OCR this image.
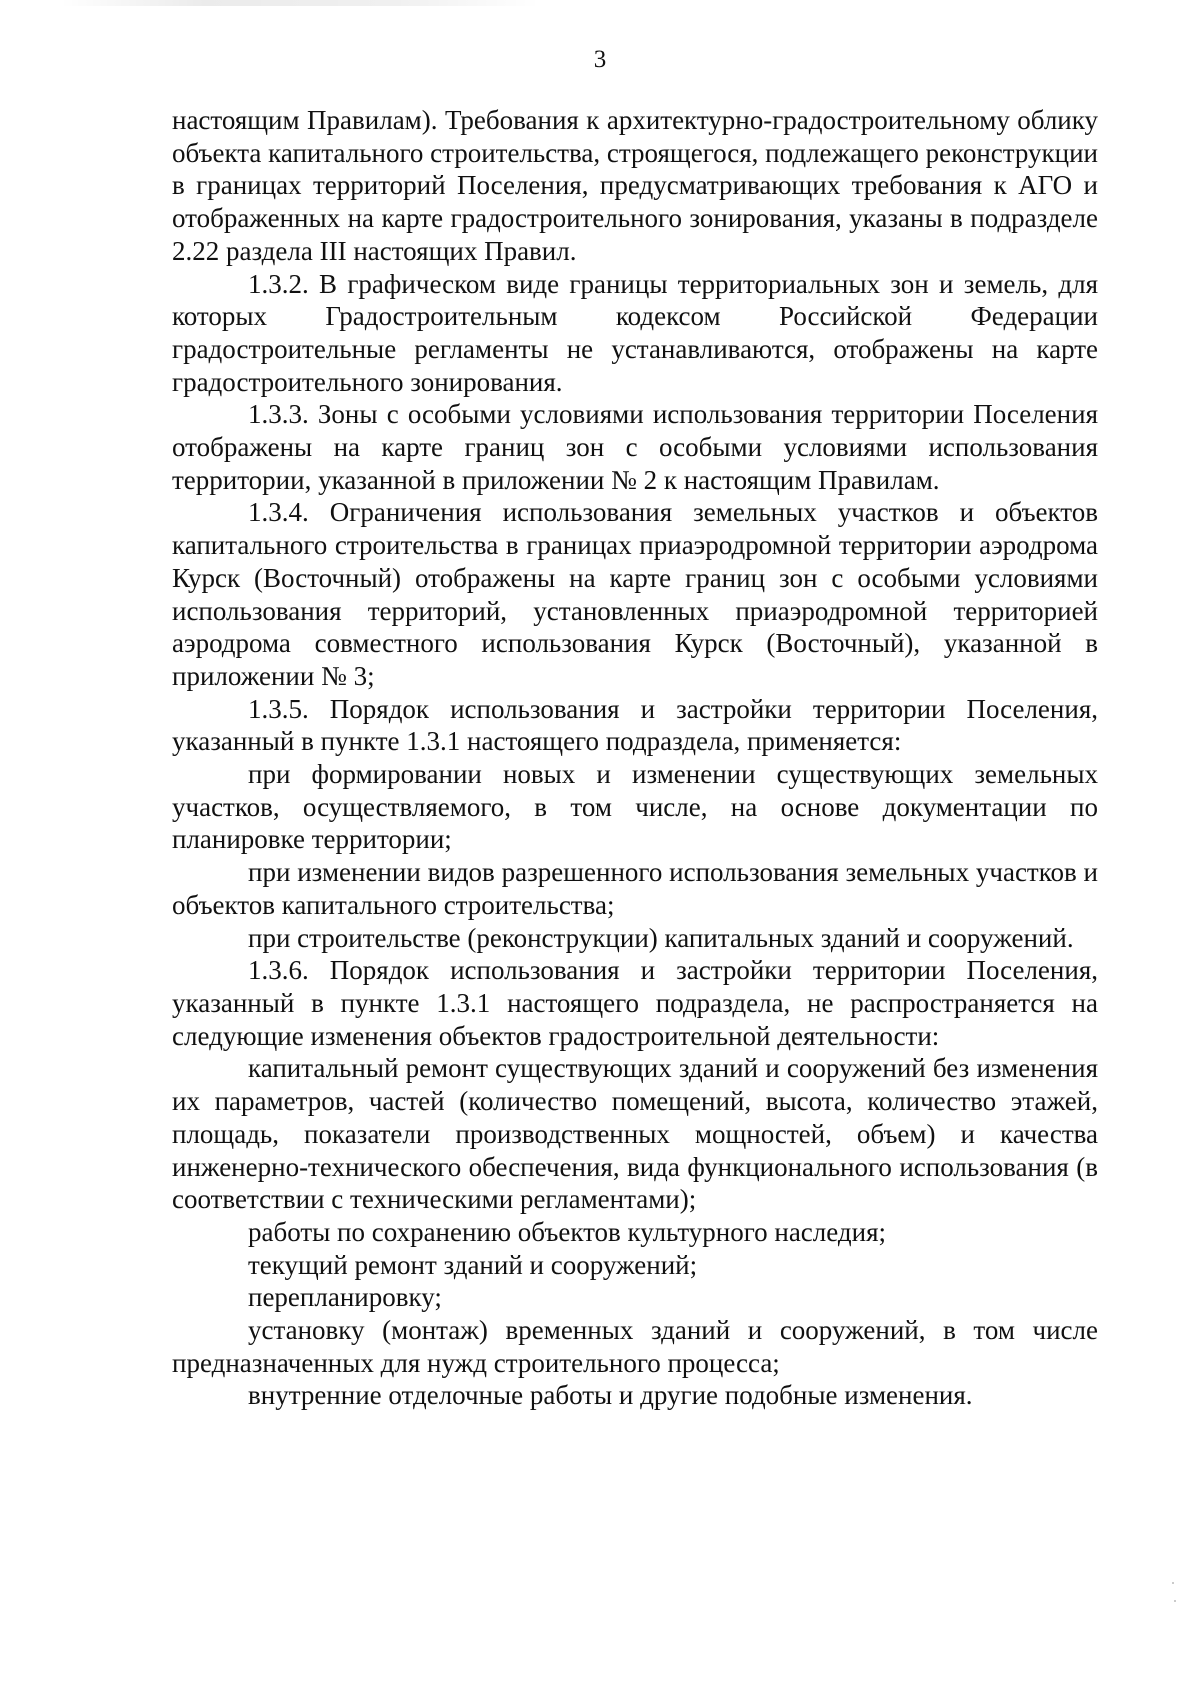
3

настоящим Правилам). Требования к архитектурно-градостроительному облику объекта капитального строительства, строящегося, подлежащего реконструкции в границах территорий Поселения, предусматривающих требования к АГО и отображенных на карте градостроительного зонирования, указаны в подразделе 2.22 раздела III настоящих Правил.

1.3.2. В графическом виде границы территориальных зон и земель, для которых Градостроительным кодексом Российской Федерации градостроительные регламенты не устанавливаются, отображены на карте градостроительного зонирования.

1.3.3. Зоны с особыми условиями использования территории Поселения отображены на карте границ зон с особыми условиями использования территории, указанной в приложении № 2 к настоящим Правилам.

1.3.4. Ограничения использования земельных участков и объектов капитального строительства в границах приаэродромной территории аэродрома Курск (Восточный) отображены на карте границ зон с особыми условиями использования территорий, установленных приаэродромной территорией аэродрома совместного использования Курск (Восточный), указанной в приложении № 3;

1.3.5. Порядок использования и застройки территории Поселения, указанный в пункте 1.3.1 настоящего подраздела, применяется:

при формировании новых и изменении существующих земельных участков, осуществляемого, в том числе, на основе документации по планировке территории;

при изменении видов разрешенного использования земельных участков и объектов капитального строительства;

при строительстве (реконструкции) капитальных зданий и сооружений.

1.3.6. Порядок использования и застройки территории Поселения, указанный в пункте 1.3.1 настоящего подраздела, не распространяется на следующие изменения объектов градостроительной деятельности:

капитальный ремонт существующих зданий и сооружений без изменения их параметров, частей (количество помещений, высота, количество этажей, площадь, показатели производственных мощностей, объем) и качества инженерно-технического обеспечения, вида функционального использования (в соответствии с техническими регламентами);

работы по сохранению объектов культурного наследия;

текущий ремонт зданий и сооружений;

перепланировку;

установку (монтаж) временных зданий и сооружений, в том числе предназначенных для нужд строительного процесса;

внутренние отделочные работы и другие подобные изменения.
